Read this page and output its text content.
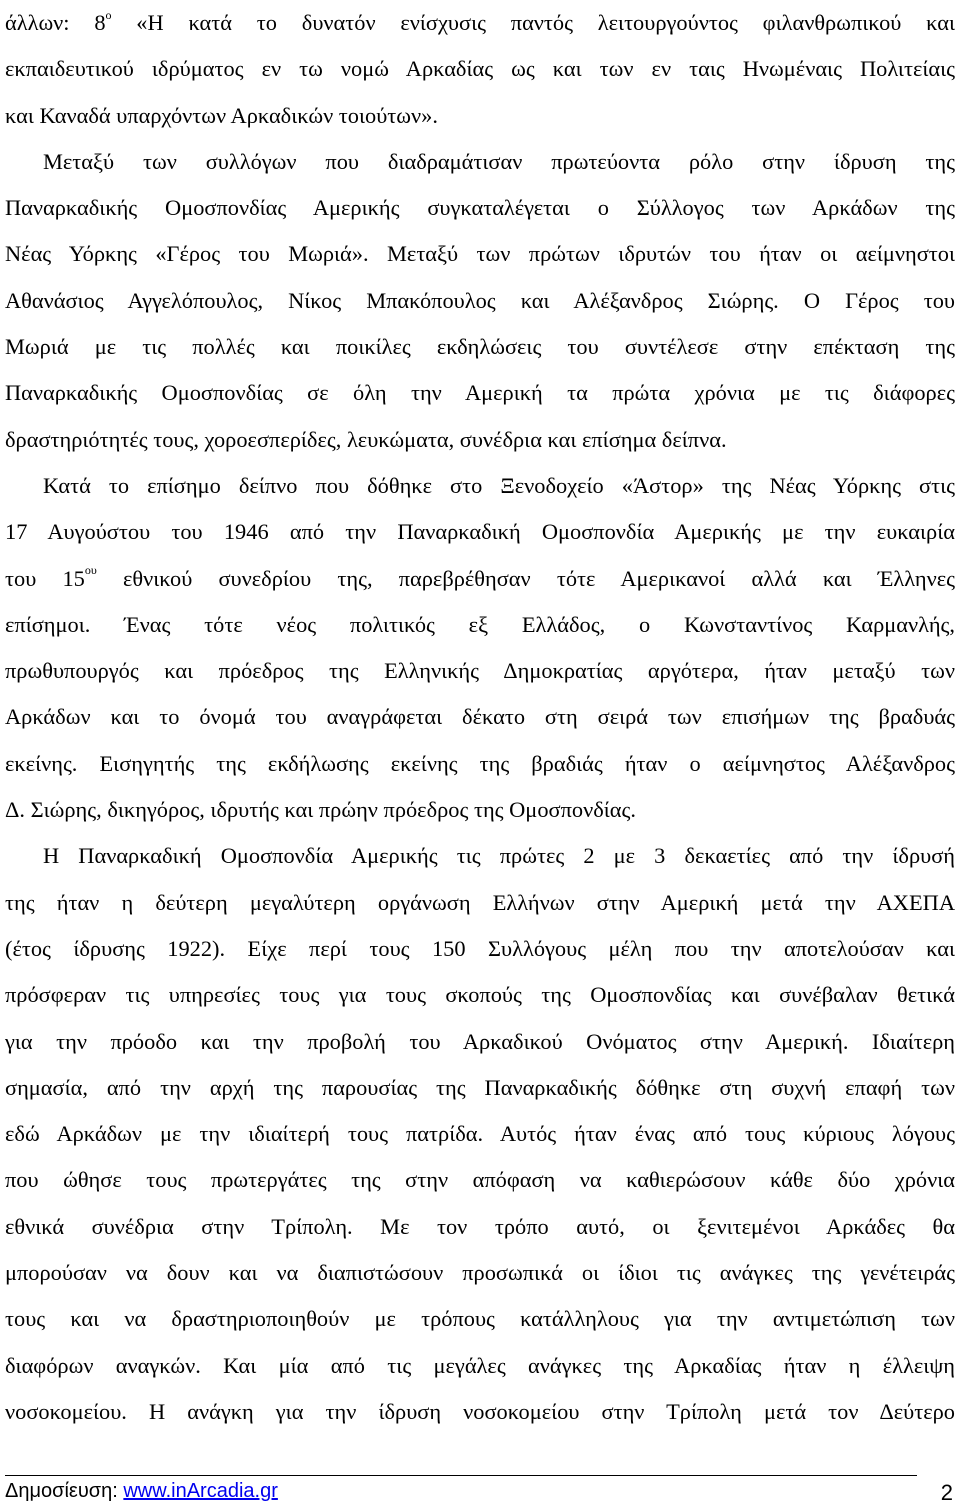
άλλων: $8^o$ «Η κατά το δυνατόν ενίσχυσις παντός λειτουργούντος φιλανθρωπικού και
εκπαιδευτικού ιδρύματος εν τω νομώ Αρκαδίας ως και των εν ταις Ηνωμέναις Πολιτείαις
και Καναδά υπαρχόντων Αρκαδικών τοιούτων».
Μεταξύ των συλλόγων που διαδραμάτισαν πρωτεύοντα ρόλο στην ίδρυση της
Παναρκαδικής Ομοσπονδίας Αμερικής συγκαταλέγεται ο Σύλλογος των Αρκάδων της
Νέας Υόρκης «Γέρος του Μωριά». Μεταξύ των πρώτων ιδρυτών του ήταν οι αείμνηστοι
Αθανάσιος Αγγελόπουλος, Νίκος Μπακόπουλος και Αλέξανδρος Σιώρης. Ο Γέρος του
Μωριά με τις πολλές και ποικίλες εκδηλώσεις του συντέλεσε στην επέκταση της
Παναρκαδικής Ομοσπονδίας σε όλη την Αμερική τα πρώτα χρόνια με τις διάφορες
δραστηριότητές τους, χοροεσπερίδες, λευκώματα, συνέδρια και επίσημα δείπνα.
Κατά το επίσημο δείπνο που δόθηκε στο Ξενοδοχείο «Άστορ» της Νέας Υόρκης στις
17 Αυγούστου του 1946 από την Παναρκαδική Ομοσπονδία Αμερικής με την ευκαιρία
του $15^{o\upsilon}$ εθνικού συνεδρίου της, παρεβρέθησαν τότε Αμερικανοί αλλά και Έλληνες
επίσημοι. Ένας τότε νέος πολιτικός εξ Ελλάδος, ο Κωνσταντίνος Καρμανλής,
πρωθυπουργός και πρόεδρος της Ελληνικής Δημοκρατίας αργότερα, ήταν μεταξύ των
Αρκάδων και το όνομά του αναγράφεται δέκατο στη σειρά των επισήμων της βραδυάς
εκείνης. Εισηγητής της εκδήλωσης εκείνης της βραδιάς ήταν ο αείμνηστος Αλέξανδρος
Δ. Σιώρης, δικηγόρος, ιδρυτής και πρώην πρόεδρος της Ομοσπονδίας.
Η Παναρκαδική Ομοσπονδία Αμερικής τις πρώτες 2 με 3 δεκαετίες από την ίδρυσή
της ήταν η δεύτερη μεγαλύτερη οργάνωση Ελλήνων στην Αμερική μετά την ΑΧΕΠΑ
(έτος ίδρυσης 1922). Είχε περί τους 150 Συλλόγους μέλη που την αποτελούσαν και
πρόσφεραν τις υπηρεσίες τους για τους σκοπούς της Ομοσπονδίας και συνέβαλαν θετικά
για την πρόοδο και την προβολή του Αρκαδικού Ονόματος στην Αμερική. Ιδιαίτερη
σημασία, από την αρχή της παρουσίας της Παναρκαδικής δόθηκε στη συχνή επαφή των
εδώ Αρκάδων με την ιδιαίτερή τους πατρίδα. Αυτός ήταν ένας από τους κύριους λόγους
που ώθησε τους πρωτεργάτες της στην απόφαση να καθιερώσουν κάθε δύο χρόνια
εθνικά συνέδρια στην Τρίπολη. Με τον τρόπο αυτό, οι ξενιτεμένοι Αρκάδες θα
μπορούσαν να δουν και να διαπιστώσουν προσωπικά οι ίδιοι τις ανάγκες της γενέτειράς
τους και να δραστηριοποιηθούν με τρόπους κατάλληλους για την αντιμετώπιση των
διαφόρων αναγκών. Και μία από τις μεγάλες ανάγκες της Αρκαδίας ήταν η έλλειψη
νοσοκομείου. Η ανάγκη για την ίδρυση νοσοκομείου στην Τρίπολη μετά τον Δεύτερο
Δημοσίευση: www.inArcadia.gr	2
